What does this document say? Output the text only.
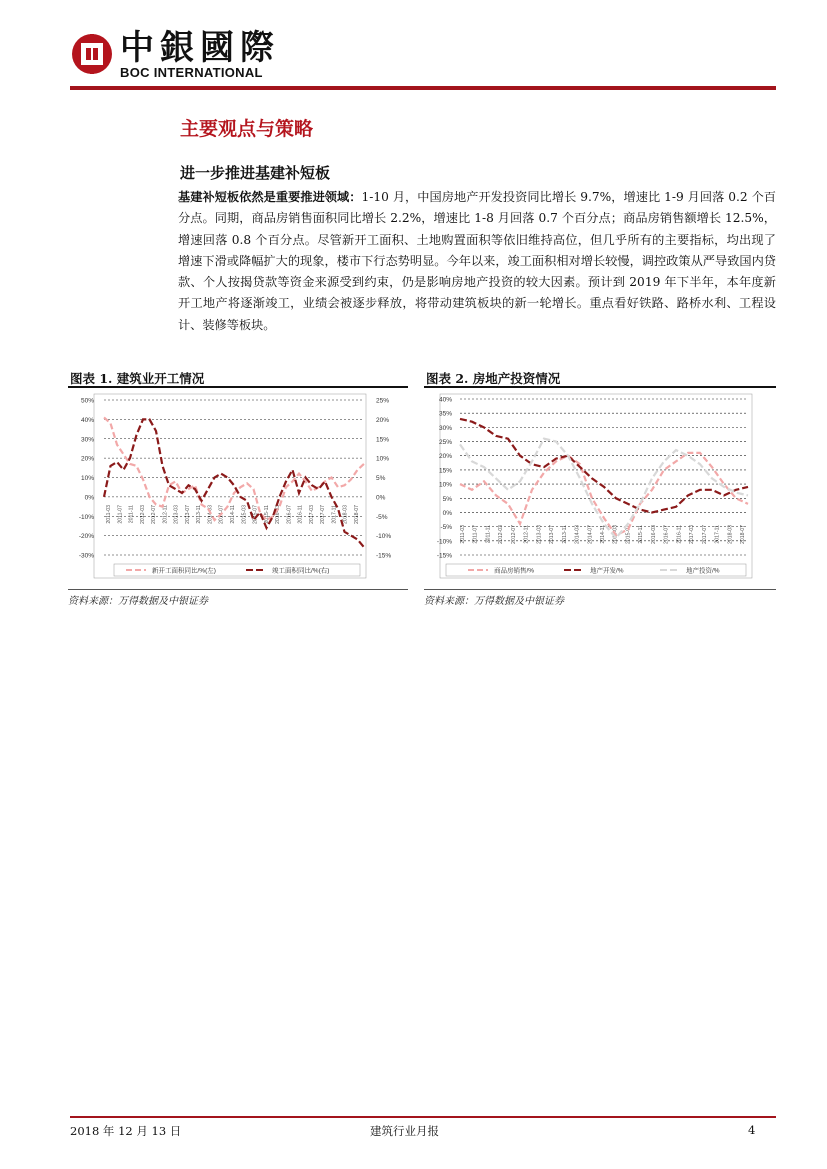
中銀國際
BOC INTERNATIONAL
主要观点与策略
进一步推进基建补短板
基建补短板依然是重要推进领域：1-10 月，中国房地产开发投资同比增长 9.7%，增速比 1-9 月回落 0.2 个百分点。同期，商品房销售面积同比增长 2.2%，增速比 1-8 月回落 0.7 个百分点；商品房销售额增长 12.5%，增速回落 0.8 个百分点。尽管新开工面积、土地购置面积等依旧维持高位，但几乎所有的主要指标，均出现了增速下滑或降幅扩大的现象，楼市下行态势明显。今年以来，竣工面积相对增长较慢，调控政策从严导致国内贷款、个人按揭贷款等资金来源受到约束，仍是影响房地产投资的较大因素。预计到 2019 年下半年，本年度新开工地产将逐渐竣工，业绩会被逐步释放，将带动建筑板块的新一轮增长。重点看好铁路、路桥水利、工程设计、装修等板块。
图表 1. 建筑业开工情况
50%
40%
30%
20%
10%
0%
-10%
-20%
-30%
25%
20%
15%
10%
5%
0%
-5%
-10%
-15%
2011-03 2011-07 2011-11 2012-03 2012-07 2012-11 2013-03 2013-07 2013-11 2014-03 2014-07 2014-11 2015-03 2015-07 2015-11 2016-03 2016-07 2016-11 2017-03 2017-07 2017-11 2018-03 2018-07
新开工面积同比/%(左)	竣工面积同比/%(右)
资料来源：万得数据及中银证券
图表 2. 房地产投资情况
40%
35%
30%
25%
20%
15%
10%
5%
0%
-5%
-10%
-15%
2011-03 2011-07 2011-11 2012-03 2012-07 2012-11 2013-03 2013-07 2013-11 2014-03 2014-07 2014-11 2015-03 2015-07 2015-11 2016-03 2016-07 2016-11 2017-03 2017-07 2017-11 2018-03 2018-07
商品房销售/%	地产开发/%	地产投资/%
资料来源：万得数据及中银证券
2018 年 12 月 13 日	建筑行业月报	4
